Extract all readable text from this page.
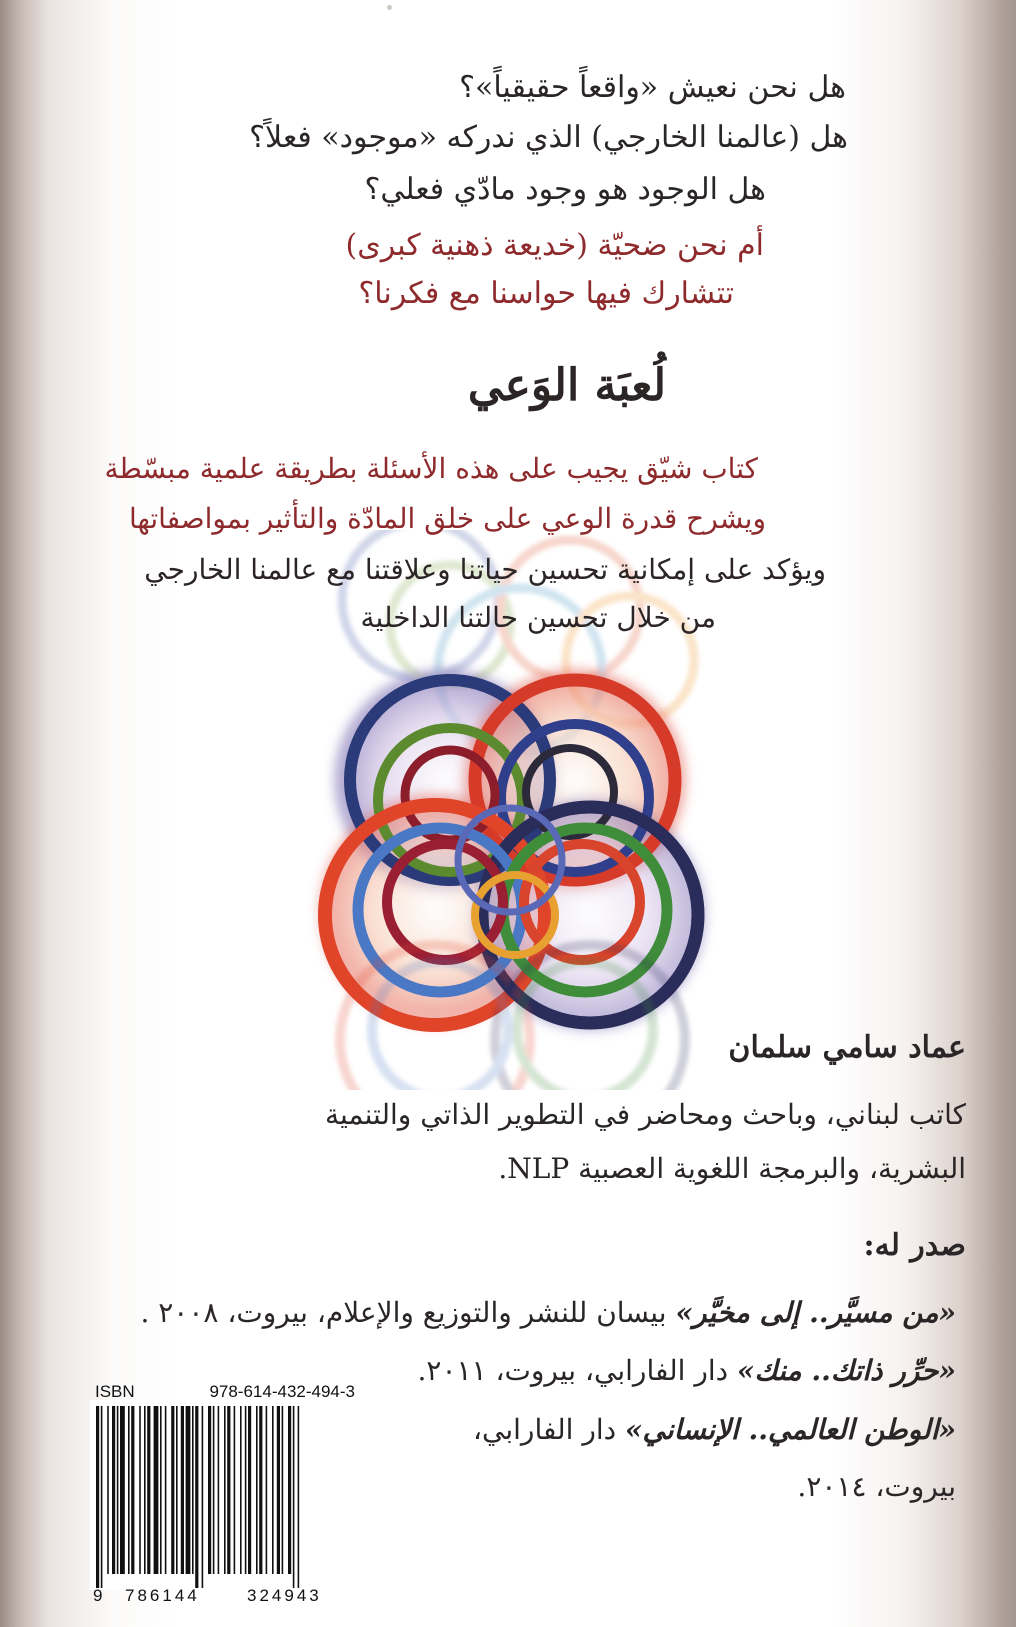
هل نحن نعيش «واقعاً حقيقياً»؟
هل (عالمنا الخارجي) الذي ندركه «موجود» فعلاً؟
هل الوجود هو وجود مادّي فعلي؟
أم نحن ضحيّة (خديعة ذهنية كبرى)
تتشارك فيها حواسنا مع فكرنا؟
لُعبَة الوَعي
كتاب شيّق يجيب على هذه الأسئلة بطريقة علمية مبسّطة
ويشرح قدرة الوعي على خلق المادّة والتأثير بمواصفاتها
ويؤكد على إمكانية تحسين حياتنا وعلاقتنا مع عالمنا الخارجي
من خلال تحسين حالتنا الداخلية
عماد سامي سلمان
كاتب لبناني، وباحث ومحاضر في التطوير الذاتي والتنمية
البشرية، والبرمجة اللغوية العصبية NLP.
صدر له:
«من مسيَّر.. إلى مخيَّر» بيسان للنشر والتوزيع والإعلام، بيروت، ٢٠٠٨ .
«حرِّر ذاتك.. منك» دار الفارابي، بيروت، ٢٠١١.
«الوطن العالمي.. الإنساني» دار الفارابي،
بيروت، ٢٠١٤.
ISBN	978-614-432-494-3
9 786144	324943
